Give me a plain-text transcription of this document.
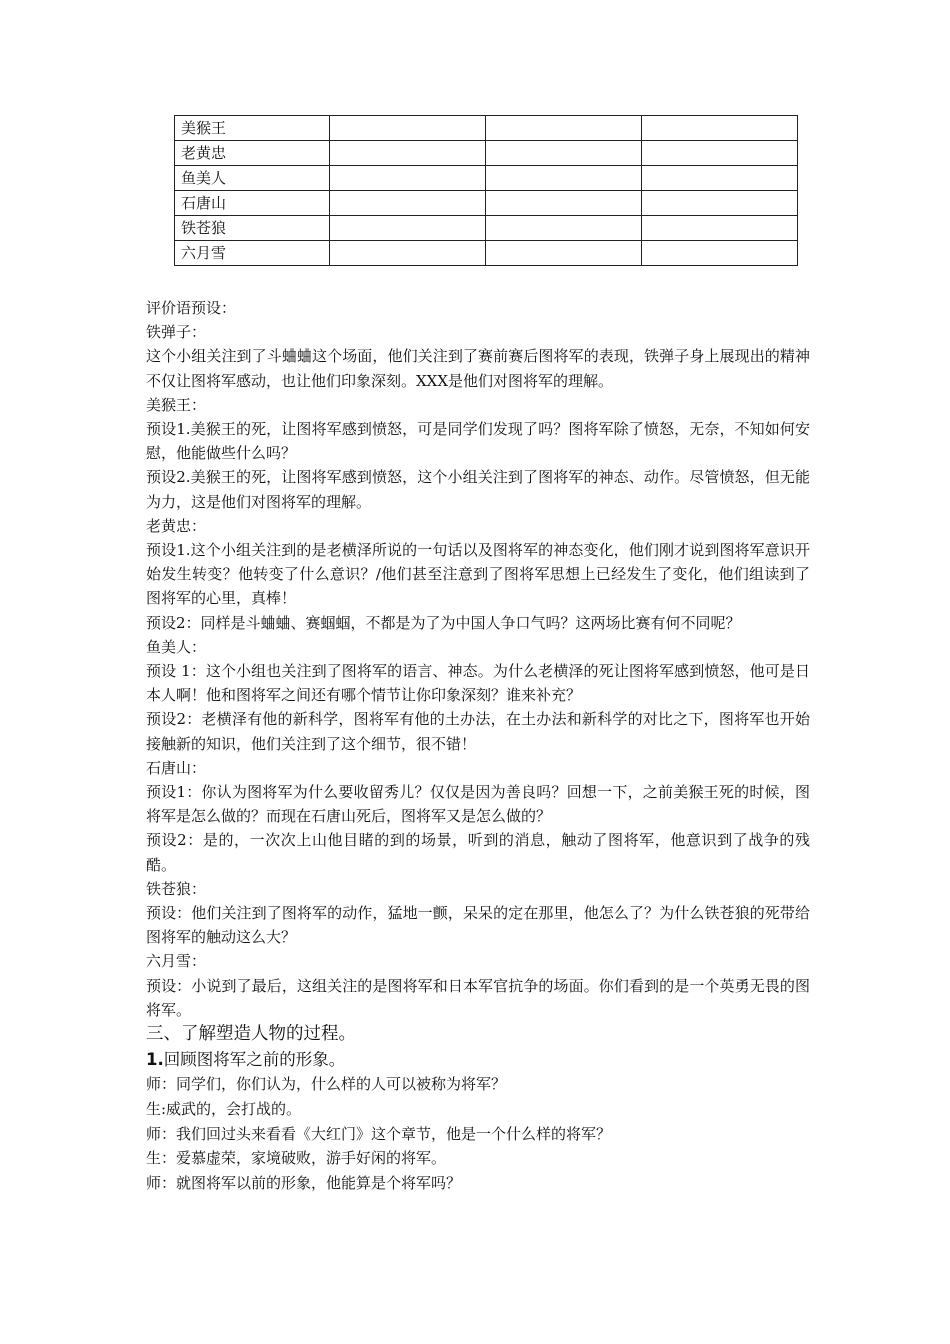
美猴王			
老黄忠			
鱼美人			
石唐山			
铁苍狼			
六月雪			

评价语预设：

铁弹子：

这个小组关注到了斗蛐蛐这个场面，他们关注到了赛前赛后图将军的表现，铁弹子身上展现出的精神不仅让图将军感动，也让他们印象深刻。XXX是他们对图将军的理解。

美猴王：

预设1.美猴王的死，让图将军感到愤怒，可是同学们发现了吗？图将军除了愤怒，无奈，不知如何安慰，他能做些什么吗？

预设2.美猴王的死，让图将军感到愤怒，这个小组关注到了图将军的神态、动作。尽管愤怒，但无能为力，这是他们对图将军的理解。

老黄忠：

预设1.这个小组关注到的是老横泽所说的一句话以及图将军的神态变化，他们刚才说到图将军意识开始发生转变？他转变了什么意识？/他们甚至注意到了图将军思想上已经发生了变化，他们组读到了图将军的心里，真棒！

预设2：同样是斗蛐蛐、赛蝈蝈，不都是为了为中国人争口气吗？这两场比赛有何不同呢？

鱼美人：

预设 1：这个小组也关注到了图将军的语言、神态。为什么老横泽的死让图将军感到愤怒，他可是日本人啊！他和图将军之间还有哪个情节让你印象深刻？谁来补充？

预设2：老横泽有他的新科学，图将军有他的土办法，在土办法和新科学的对比之下，图将军也开始接触新的知识，他们关注到了这个细节，很不错！

石唐山：

预设1：你认为图将军为什么要收留秀儿？仅仅是因为善良吗？回想一下，之前美猴王死的时候，图将军是怎么做的？而现在石唐山死后，图将军又是怎么做的？

预设2：是的，一次次上山他目睹的到的场景，听到的消息，触动了图将军，他意识到了战争的残酷。

铁苍狼：

预设：他们关注到了图将军的动作，猛地一颤，呆呆的定在那里，他怎么了？为什么铁苍狼的死带给图将军的触动这么大？

六月雪：

预设：小说到了最后，这组关注的是图将军和日本军官抗争的场面。你们看到的是一个英勇无畏的图将军。

三、了解塑造人物的过程。

1.回顾图将军之前的形象。

师：同学们，你们认为，什么样的人可以被称为将军？

生:威武的，会打战的。

师：我们回过头来看看《大红门》这个章节，他是一个什么样的将军？

生：爱慕虚荣，家境破败，游手好闲的将军。

师：就图将军以前的形象，他能算是个将军吗？
